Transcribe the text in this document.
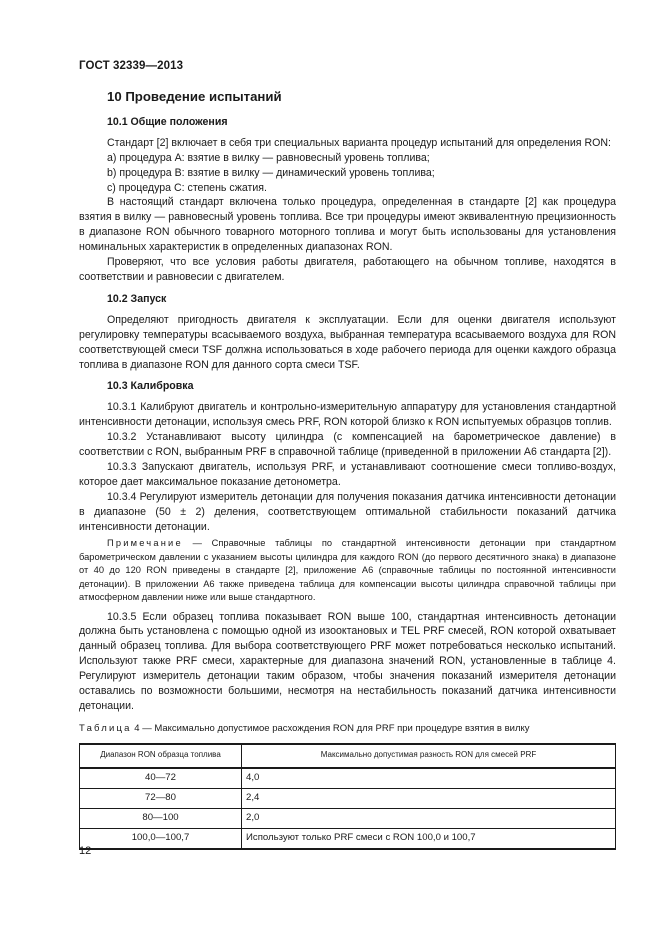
ГОСТ 32339—2013
10 Проведение испытаний
10.1 Общие положения

Стандарт [2] включает в себя три специальных варианта процедур испытаний для определения RON:

а) процедура А: взятие в вилку — равновесный уровень топлива;

b) процедура В: взятие в вилку — динамический уровень топлива;

с) процедура С: степень сжатия.

В настоящий стандарт включена только процедура, определенная в стандарте [2] как процедура взятия в вилку — равновесный уровень топлива. Все три процедуры имеют эквивалентную прецизионность в диапазоне RON обычного товарного моторного топлива и могут быть использованы для установления номинальных характеристик в определенных диапазонах RON.

Проверяют, что все условия работы двигателя, работающего на обычном топливе, находятся в соответствии и равновесии с двигателем.

10.2 Запуск

Определяют пригодность двигателя к эксплуатации. Если для оценки двигателя используют регулировку температуры всасываемого воздуха, выбранная температура всасываемого воздуха для RON соответствующей смеси TSF должна использоваться в ходе рабочего периода для оценки каждого образца топлива в диапазоне RON для данного сорта смеси TSF.

10.3 Калибровка

10.3.1 Калибруют двигатель и контрольно-измерительную аппаратуру для установления стандартной интенсивности детонации, используя смесь PRF, RON которой близко к RON испытуемых образцов топлив.

10.3.2 Устанавливают высоту цилиндра (с компенсацией на барометрическое давление) в соответствии с RON, выбранным PRF в справочной таблице (приведенной в приложении А6 стандарта [2]).

10.3.3 Запускают двигатель, используя PRF, и устанавливают соотношение смеси топливо-воздух, которое дает максимальное показание детонометра.

10.3.4 Регулируют измеритель детонации для получения показания датчика интенсивности детонации в диапазоне (50 ± 2) деления, соответствующем оптимальной стабильности показаний датчика интенсивности детонации.

Примечание — Справочные таблицы по стандартной интенсивности детонации при стандартном барометрическом давлении с указанием высоты цилиндра для каждого RON (до первого десятичного знака) в диапазоне от 40 до 120 RON приведены в стандарте [2], приложение А6 (справочные таблицы по постоянной интенсивности детонации). В приложении А6 также приведена таблица для компенсации высоты цилиндра справочной таблицы при атмосферном давлении ниже или выше стандартного.

10.3.5 Если образец топлива показывает RON выше 100, стандартная интенсивность детонации должна быть установлена с помощью одной из изооктановых и TEL PRF смесей, RON которой охватывает данный образец топлива. Для выбора соответствующего PRF может потребоваться несколько испытаний. Используют также PRF смеси, характерные для диапазона значений RON, установленные в таблице 4. Регулируют измеритель детонации таким образом, чтобы значения показаний измерителя детонации оставались по возможности большими, несмотря на нестабильность показаний датчика интенсивности детонации.

Таблица 4 — Максимально допустимое расхождения RON для PRF при процедуре взятия в вилку
Диапазон RON образца топлива	Максимально допустимая разность RON для смесей PRF
40—72	4,0
72—80	2,4
80—100	2,0
100,0—100,7	Используют только PRF смеси с RON 100,0 и 100,7
12
